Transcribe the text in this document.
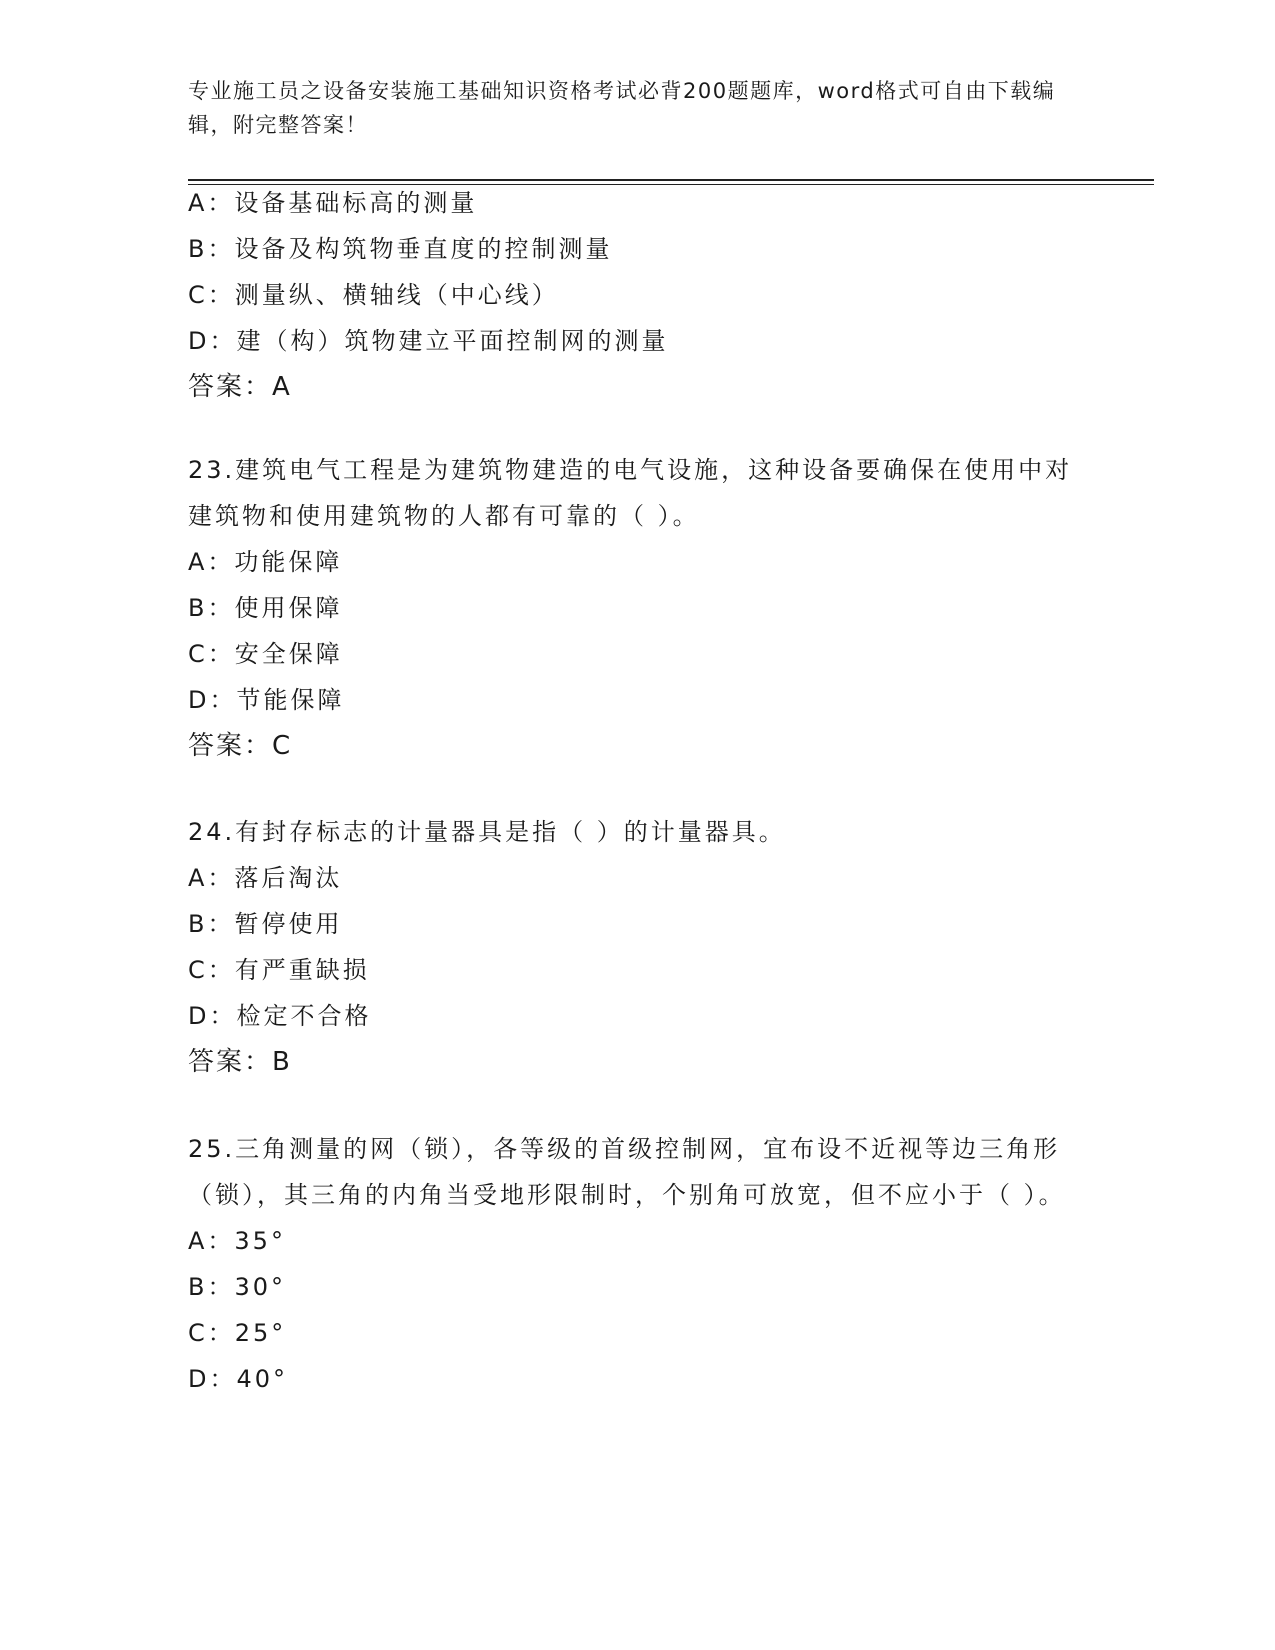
专业施工员之设备安装施工基础知识资格考试必背200题题库，word格式可自由下载编辑，附完整答案！
A：设备基础标高的测量
B：设备及构筑物垂直度的控制测量
C：测量纵、横轴线（中心线）
D：建（构）筑物建立平面控制网的测量
答案：A
23.建筑电气工程是为建筑物建造的电气设施，这种设备要确保在使用中对建筑物和使用建筑物的人都有可靠的（ ）。
A：功能保障
B：使用保障
C：安全保障
D：节能保障
答案：C
24.有封存标志的计量器具是指（ ）的计量器具。
A：落后淘汰
B：暂停使用
C：有严重缺损
D：检定不合格
答案：B
25.三角测量的网（锁），各等级的首级控制网，宜布设不近视等边三角形（锁），其三角的内角当受地形限制时，个别角可放宽，但不应小于（ ）。
A：35°
B：30°
C：25°
D：40°
